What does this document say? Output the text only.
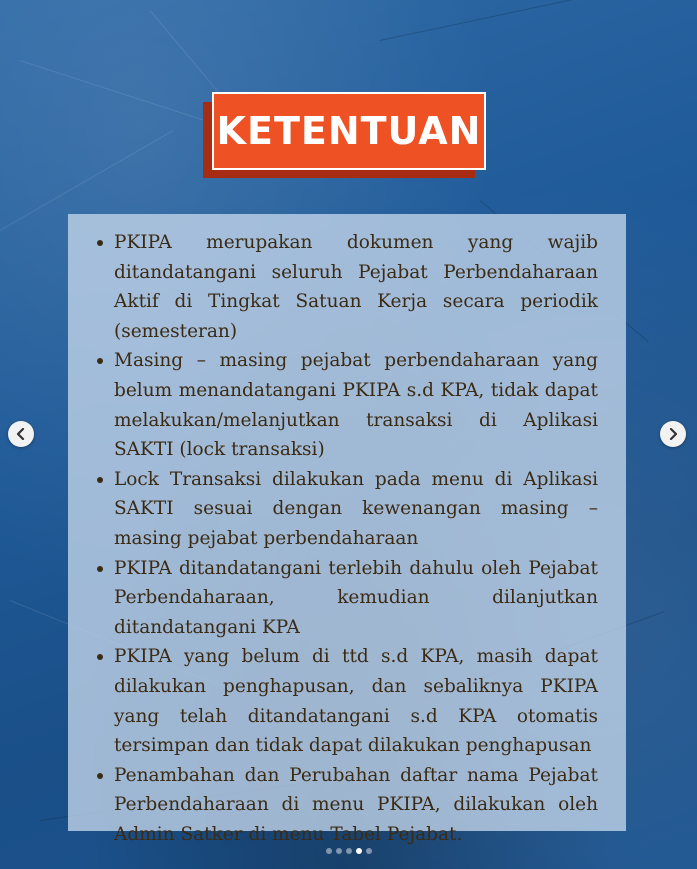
KETENTUAN
PKIPA merupakan dokumen yang wajib ditandatangani seluruh Pejabat Perbendaharaan Aktif di Tingkat Satuan Kerja secara periodik (semesteran)
Masing – masing pejabat perbendaharaan yang belum menandatangani PKIPA s.d KPA, tidak dapat melakukan/melanjutkan transaksi di Aplikasi SAKTI (lock transaksi)
Lock Transaksi dilakukan pada menu di Aplikasi SAKTI sesuai dengan kewenangan masing – masing pejabat perbendaharaan
PKIPA ditandatangani terlebih dahulu oleh Pejabat Perbendaharaan, kemudian dilanjutkan ditandatangani KPA
PKIPA yang belum di ttd s.d KPA, masih dapat dilakukan penghapusan, dan sebaliknya PKIPA yang telah ditandatangani s.d KPA otomatis tersimpan dan tidak dapat dilakukan penghapusan
Penambahan dan Perubahan daftar nama Pejabat Perbendaharaan di menu PKIPA, dilakukan oleh Admin Satker di menu Tabel Pejabat.
